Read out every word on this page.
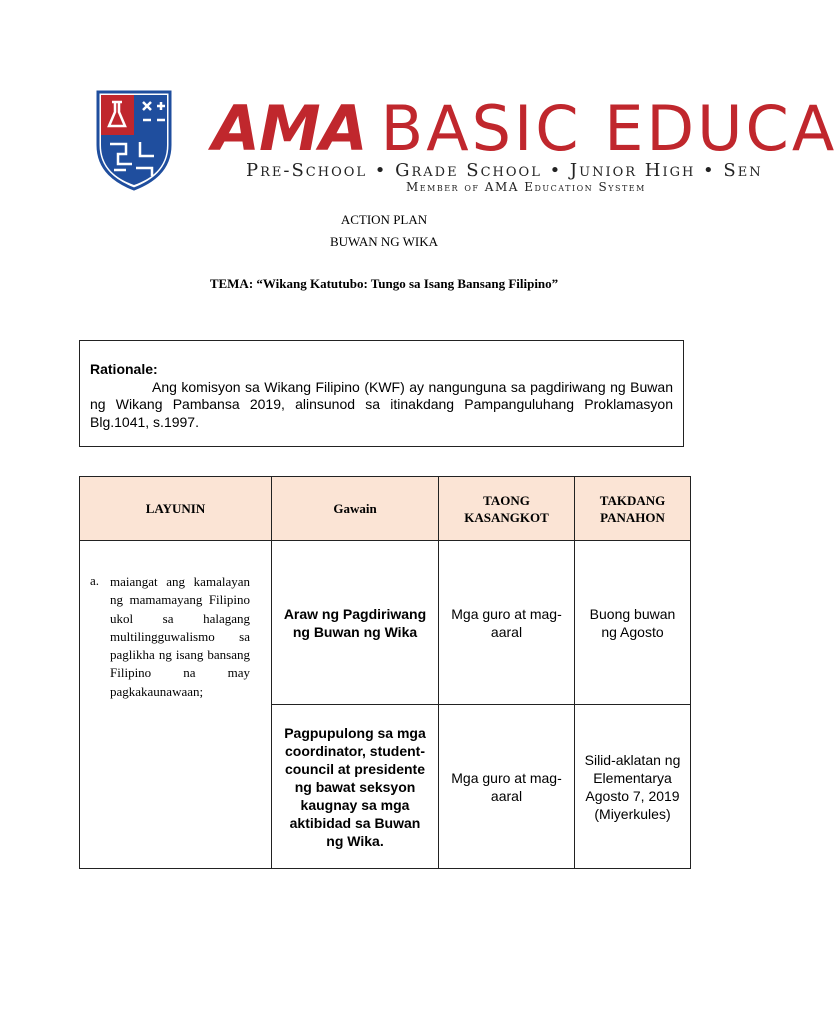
AMA BASIC EDUCA
Pre-School • Grade School • Junior High • Sen
Member of AMA Education System
ACTION PLAN
BUWAN NG WIKA
TEMA: “Wikang Katutubo: Tungo sa Isang Bansang Filipino”
Rationale:
Ang komisyon sa Wikang Filipino (KWF) ay nangunguna sa pagdiriwang ng Buwan ng Wikang Pambansa 2019, alinsunod sa itinakdang Pampanguluhang Proklamasyon Blg.1041, s.1997.
LAYUNIN	Gawain	TAONG KASANGKOT	TAKDANG PANAHON

a. maiangat ang kamalayan ng mamamayang Filipino ukol sa halagang multilingguwalismo sa paglikha ng isang bansang Filipino na may pagkakaunawaan;	Araw ng Pagdiriwang ng Buwan ng Wika	Mga guro at mag-aaral	Buong buwan ng Agosto
	Pagpupulong sa mga coordinator, student-council at presidente ng bawat seksyon kaugnay sa mga aktibidad sa Buwan ng Wika.	Mga guro at mag-aaral	Silid-aklatan ng Elementarya Agosto 7, 2019 (Miyerkules)
